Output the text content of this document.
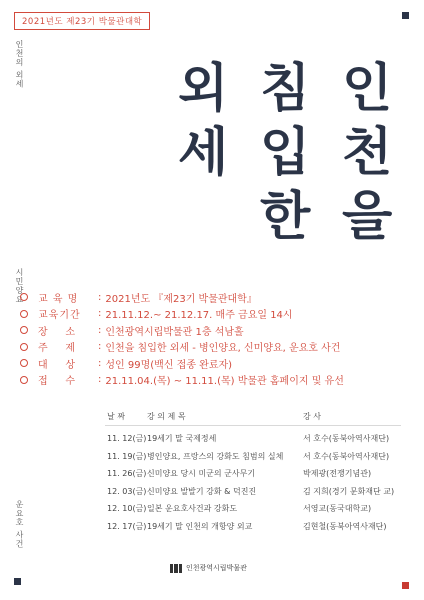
2021년도 제23기 박물관대학
인천의 외세
시민양요
운요호 사건
외 침 인
세 입 천
한 을
교 육 명	: 2021년도 『제23기 박물관대학』
교육기간	: 21.11.12.~ 21.12.17. 매주 금요일 14시
장    소	: 인천광역시립박물관 1층 석남홀
주    제	: 인천을 침입한 외세 - 병인양요, 신미양요, 운요호 사건
대    상	: 성인 99명(백신 접종 완료자)
접    수	: 21.11.04.(목) ~ 11.11.(목) 박물관 홈페이지 및 유선
날 짜	강 의 제 목	강 사
11. 12(금) 19세기 말 국제정세	서 호수(동북아역사재단)
11. 19(금) 병인양요, 프랑스의 강화도 침범의 실체	서 호수(동북아역사재단)
11. 26(금) 신미양요 당시 미군의 군사무기	박제광(전쟁기념관)
12. 03(금) 신미양요 발발기 강화 & 덕진진	김 지희(경기 문화재단 교)
12. 10(금) 일본 운요호사건과 강화도	서영교(동국대학교)
12. 17(금) 19세기 말 인천의 개항양 외교	김현철(동북아역사재단)
인천광역시립박물관
